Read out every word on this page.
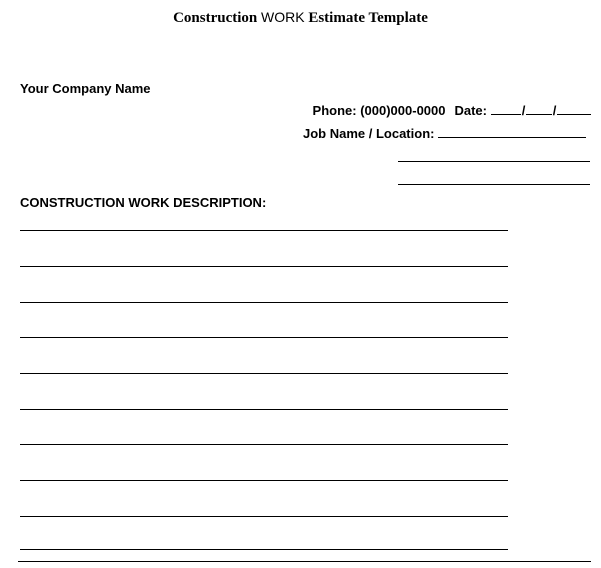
Construction WORK Estimate Template
Your Company Name
Phone: (000)000-0000 Date:	/ /
Job Name / Location:
CONSTRUCTION WORK DESCRIPTION:
